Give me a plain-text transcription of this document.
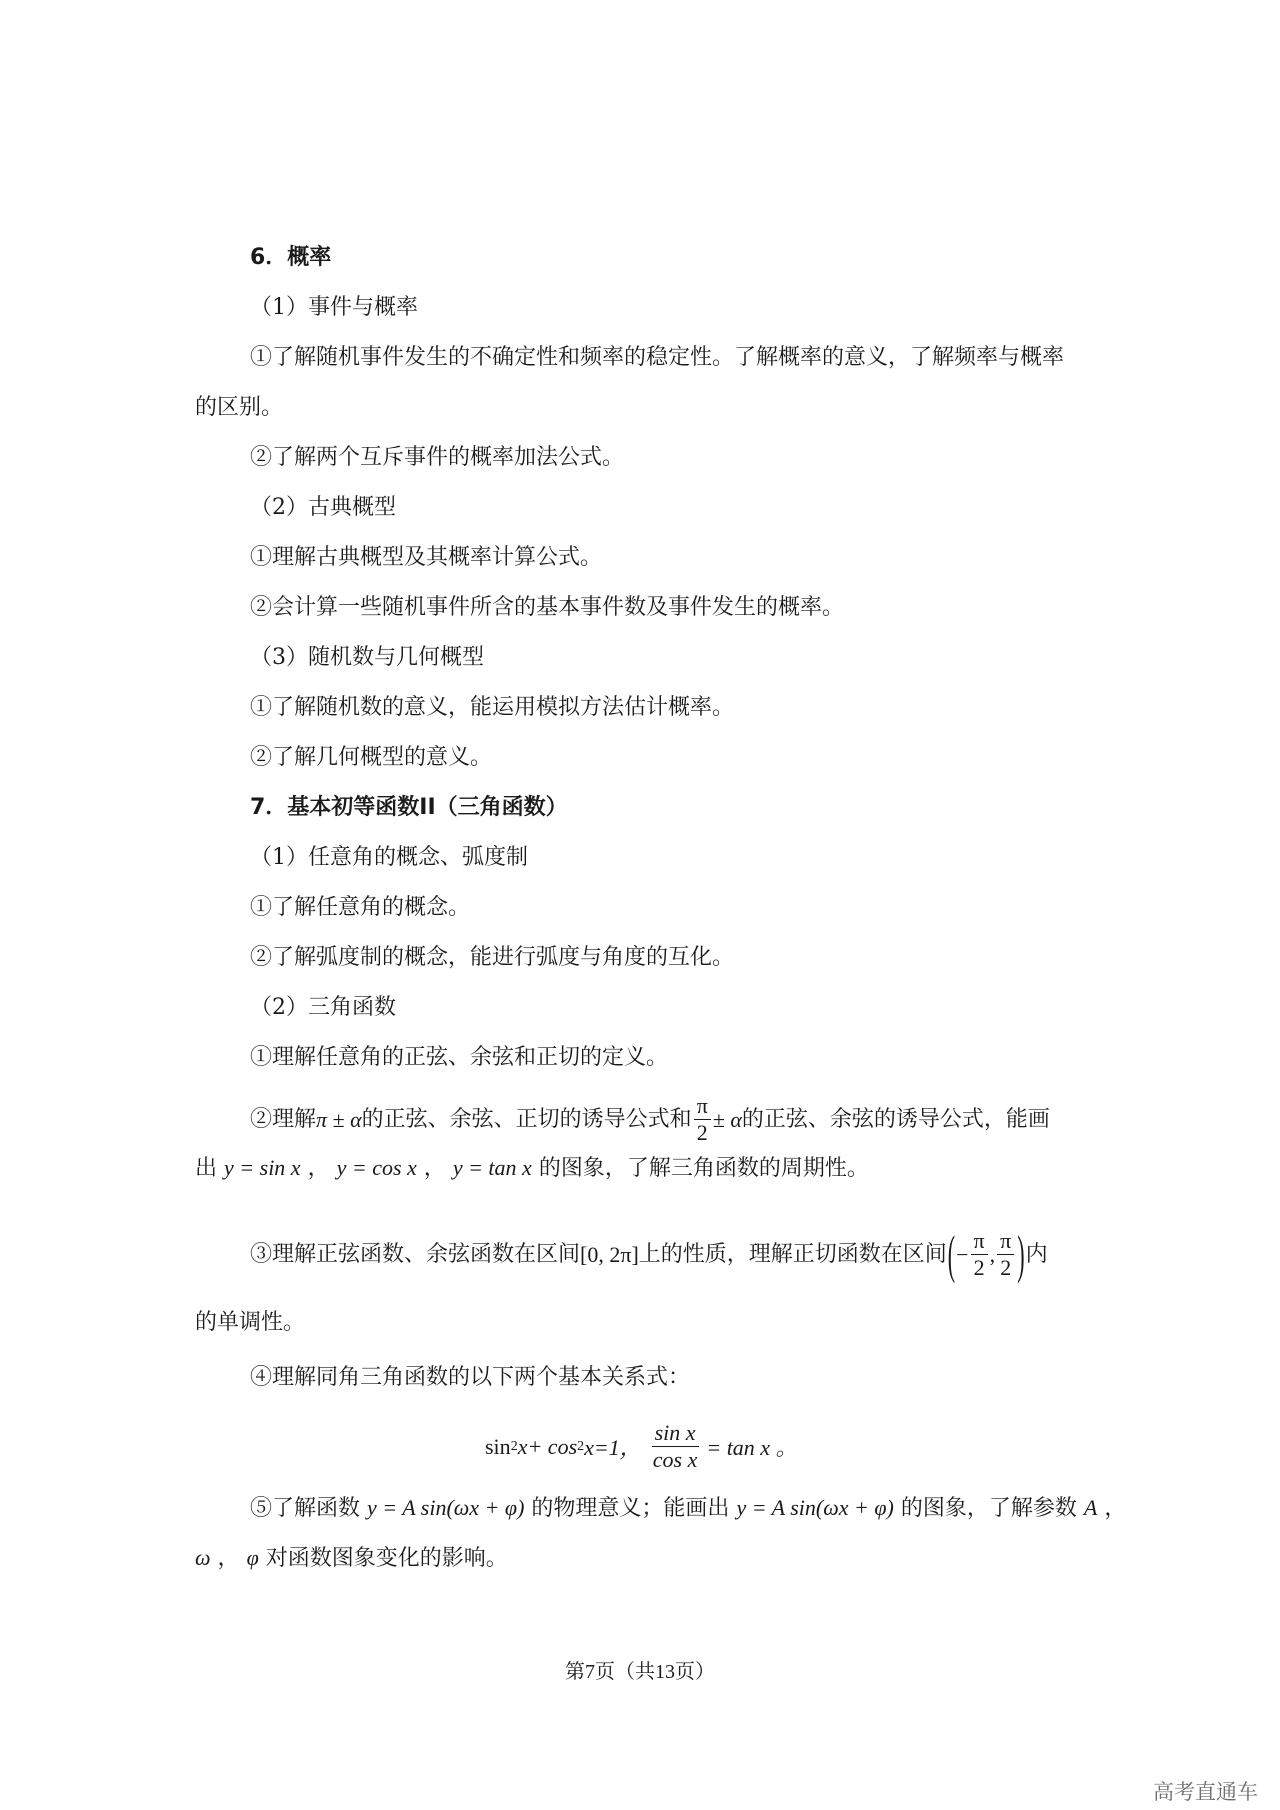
6．概率
（1）事件与概率
①了解随机事件发生的不确定性和频率的稳定性。了解概率的意义，了解频率与概率
的区别。
②了解两个互斥事件的概率加法公式。
（2）古典概型
①理解古典概型及其概率计算公式。
②会计算一些随机事件所含的基本事件数及事件发生的概率。
（3）随机数与几何概型
①了解随机数的意义，能运用模拟方法估计概率。
②了解几何概型的意义。
7．基本初等函数II（三角函数）
（1）任意角的概念、弧度制
①了解任意角的概念。
②了解弧度制的概念，能进行弧度与角度的互化。
（2）三角函数
①理解任意角的正弦、余弦和正切的定义。
②理解 π ± α 的正弦、余弦、正切的诱导公式和 $\frac{\pi}{2} \pm \alpha$ 的正弦、余弦的诱导公式，能画
出 y = sin x ， y = cos x ， y = tan x 的图象，了解三角函数的周期性。
③理解正弦函数、余弦函数在区间 [0, 2π] 上的性质，理解正切函数在区间 ( − $\frac{\pi}{2}$ , $\frac{\pi}{2}$ ) 内
的单调性。
④理解同角三角函数的以下两个基本关系式：
sin 2 x+ cos 2 x=1， $\frac{\text{sin x}}{\text{cos x}} = \tan x$ 。
⑤了解函数 y = A sin(ωx + φ) 的物理意义；能画出 y = A sin(ωx + φ) 的图象，了解参数 A ，
ω ， φ 对函数图象变化的影响。
第7页（共13页）
高考直通车
